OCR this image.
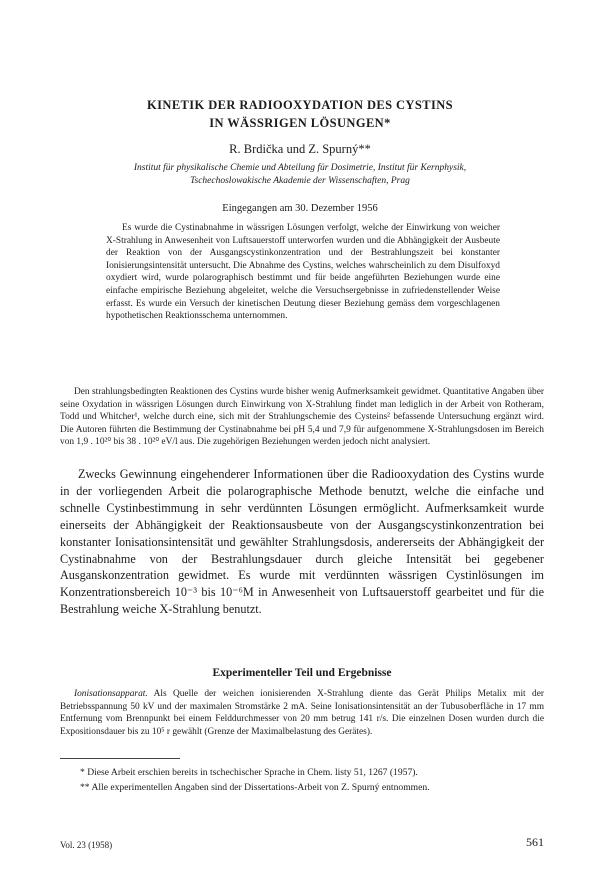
KINETIK DER RADIOOXYDATION DES CYSTINS
IN WÄSSRIGEN LÖSUNGEN*
R. Brdička und Z. Spurný**
Institut für physikalische Chemie und Abteilung für Dosimetrie, Institut für Kernphysik,
Tschechoslowakische Akademie der Wissenschaften, Prag
Eingegangen am 30. Dezember 1956

Es wurde die Cystinabnahme in wässrigen Lösungen verfolgt, welche der Einwirkung von weicher X-Strahlung in Anwesenheit von Luftsauerstoff unterworfen wurden und die Abhängigkeit der Ausbeute der Reaktion von der Ausgangscystinkonzentration und der Bestrahlungszeit bei konstanter Ionisierungsintensität untersucht. Die Abnahme des Cystins, welches wahrscheinlich zu dem Disulfoxyd oxydiert wird, wurde polarographisch bestimmt und für beide angeführten Beziehungen wurde eine einfache empirische Beziehung abgeleitet, welche die Versuchsergebnisse in zufriedenstellender Weise erfasst. Es wurde ein Versuch der kinetischen Deutung dieser Beziehung gemäss dem vorgeschlagenen hypothetischen Reaktionsschema unternommen.

Den strahlungsbedingten Reaktionen des Cystins wurde bisher wenig Aufmerksamkeit gewidmet. Quantitative Angaben über seine Oxydation in wässrigen Lösungen durch Einwirkung von X-Strahlung findet man lediglich in der Arbeit von Rotheram, Todd und Whitcher¹, welche durch eine, sich mit der Strahlungschemie des Cysteins² befassende Untersuchung ergänzt wird. Die Autoren führten die Bestimmung der Cystinabnahme bei pH 5,4 und 7,9 für aufgenommene X-Strahlungsdosen im Bereich von 1,9 . 10²⁰ bis 38 . 10²⁰ eV/l aus. Die zugehörigen Beziehungen werden jedoch nicht analysiert.

Zwecks Gewinnung eingehenderer Informationen über die Radiooxydation des Cystins wurde in der vorliegenden Arbeit die polarographische Methode benutzt, welche die einfache und schnelle Cystinbestimmung in sehr verdünnten Lösungen ermöglicht. Aufmerksamkeit wurde einerseits der Abhängigkeit der Reaktionsausbeute von der Ausgangscystinkonzentration bei konstanter Ionisationsintensität und gewählter Strahlungsdosis, andererseits der Abhängigkeit der Cystinabnahme von der Bestrahlungsdauer durch gleiche Intensität bei gegebener Ausganskonzentration gewidmet. Es wurde mit verdünnten wässrigen Cystinlösungen im Konzentrationsbereich 10⁻³ bis 10⁻⁶M in Anwesenheit von Luftsauerstoff gearbeitet und für die Bestrahlung weiche X-Strahlung benutzt.

Experimenteller Teil und Ergebnisse

Ionisationsapparat. Als Quelle der weichen ionisierenden X-Strahlung diente das Gerät Philips Metalix mit der Betriebsspannung 50 kV und der maximalen Stromstärke 2 mA. Seine Ionisationsintensität an der Tubusoberfläche in 17 mm Entfernung vom Brennpunkt bei einem Felddurchmesser von 20 mm betrug 141 r/s. Die einzelnen Dosen wurden durch die Expositionsdauer bis zu 10⁵ r gewählt (Grenze der Maximalbelastung des Gerätes).

* Diese Arbeit erschien bereits in tschechischer Sprache in Chem. listy 51, 1267 (1957).

** Alle experimentellen Angaben sind der Dissertations-Arbeit von Z. Spurný entnommen.

Vol. 23 (1958)	561
